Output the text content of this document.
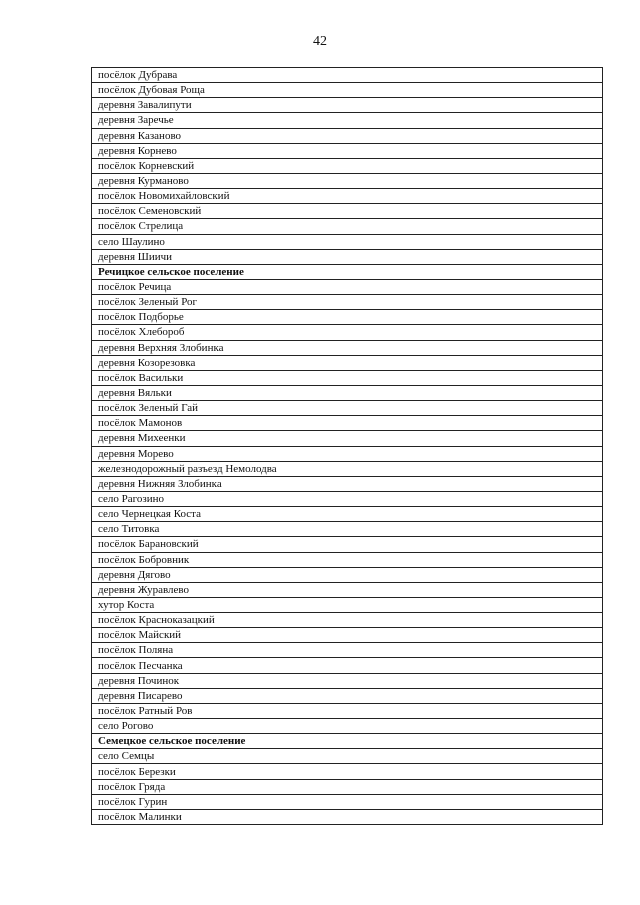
42
посёлок Дубрава
посёлок Дубовая Роща
деревня Завалипути
деревня Заречье
деревня Казаново
деревня Корнево
посёлок Корневский
деревня Курманово
посёлок Новомихайловский
посёлок Семеновский
посёлок Стрелица
село Шаулино
деревня Шиичи
Речицкое сельское поселение
посёлок Речица
посёлок Зеленый Рог
посёлок Подборье
посёлок Хлебороб
деревня Верхняя Злобинка
деревня Козорезовка
посёлок Васильки
деревня Вяльки
посёлок Зеленый Гай
посёлок Мамонов
деревня Михеенки
деревня Морево
железнодорожный разъезд Немолодва
деревня Нижняя Злобинка
село Рагозино
село Чернецкая Коста
село Титовка
посёлок Барановский
посёлок Бобровник
деревня Дягово
деревня Журавлево
хутор Коста
посёлок Красноказацкий
посёлок Майский
посёлок Поляна
посёлок Песчанка
деревня Починок
деревня Писарево
посёлок Ратный Ров
село Рогово
Семецкое сельское поселение
село Семцы
посёлок Березки
посёлок Гряда
посёлок Гурин
посёлок Малинки
